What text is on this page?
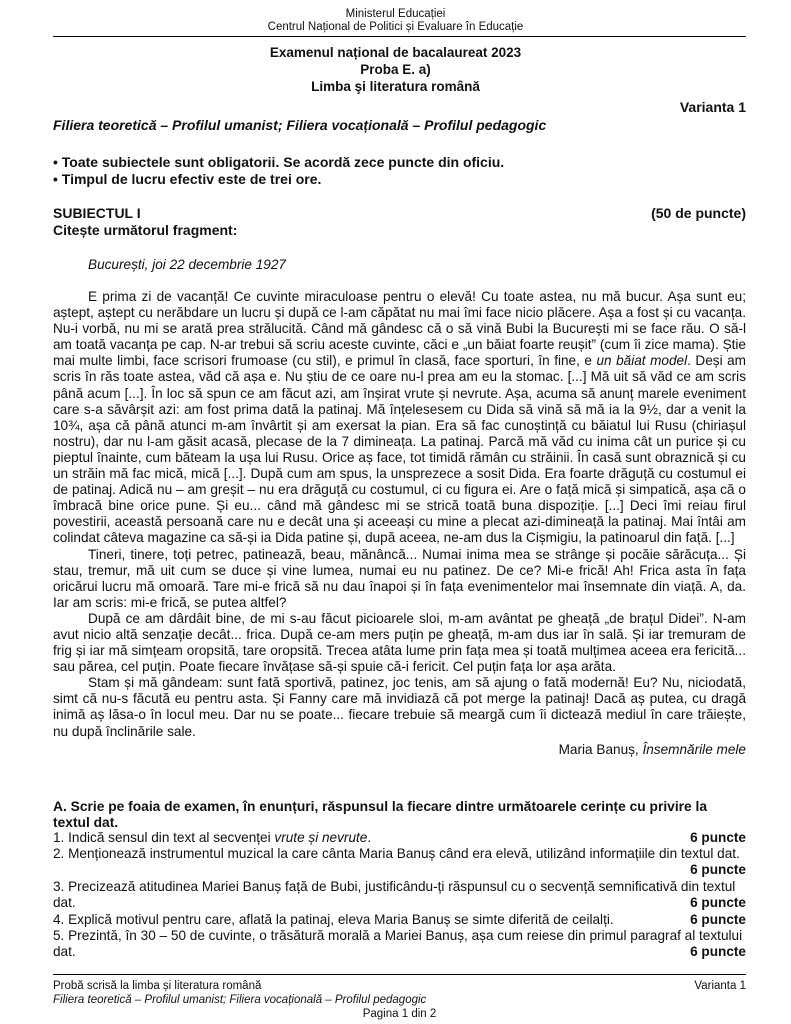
Ministerul Educației
Centrul Național de Politici și Evaluare în Educație
Examenul național de bacalaureat 2023
Proba E. a)
Limba şi literatura română
Varianta 1
Filiera teoretică – Profilul umanist; Filiera vocațională – Profilul pedagogic
• Toate subiectele sunt obligatorii. Se acordă zece puncte din oficiu.
• Timpul de lucru efectiv este de trei ore.
SUBIECTUL I	(50 de puncte)
Citește următorul fragment:
București, joi 22 decembrie 1927

E prima zi de vacanță! Ce cuvinte miraculoase pentru o elevă! Cu toate astea, nu mă bucur. Așa sunt eu; aștept, aștept cu nerăbdare un lucru și după ce l-am căpătat nu mai îmi face nicio plăcere. Așa a fost și cu vacanța. Nu-i vorbă, nu mi se arată prea strălucită. Când mă gândesc că o să vină Bubi la București mi se face rău. O să-l am toată vacanța pe cap. N-ar trebui să scriu aceste cuvinte, căci e „un băiat foarte reușit” (cum îi zice mama). Știe mai multe limbi, face scrisori frumoase (cu stil), e primul în clasă, face sporturi, în fine, e un băiat model. Deși am scris în răs toate astea, văd că așa e. Nu știu de ce oare nu-l prea am eu la stomac. [...] Mă uit să văd ce am scris până acum [...]. În loc să spun ce am făcut azi, am înșirat vrute și nevrute. Așa, acuma să anunț marele eveniment care s-a săvârșit azi: am fost prima dată la patinaj. Mă înțelesesem cu Dida să vină să mă ia la 9½, dar a venit la 10¾, așa că până atunci m-am învârtit și am exersat la pian. Era să fac cunoștință cu băiatul lui Rusu (chiriașul nostru), dar nu l-am găsit acasă, plecase de la 7 dimineața. La patinaj. Parcă mă văd cu inima cât un purice și cu pieptul înainte, cum băteam la ușa lui Rusu. Orice aș face, tot timidă rămân cu străinii. În casă sunt obraznică și cu un străin mă fac mică, mică [...]. După cum am spus, la unsprezece a sosit Dida. Era foarte drăguță cu costumul ei de patinaj. Adică nu – am greșit – nu era drăguță cu costumul, ci cu figura ei. Are o față mică și simpatică, așa că o îmbracă bine orice pune. Și eu... când mă gândesc mi se strică toată buna dispoziție. [...] Deci îmi reiau firul povestirii, această persoană care nu e decât una și aceeași cu mine a plecat azi-dimineață la patinaj. Mai întâi am colindat câteva magazine ca să-și ia Dida patine și, după aceea, ne-am dus la Cișmigiu, la patinoarul din față. [...]

Tineri, tinere, toți petrec, patinează, beau, mănâncă... Numai inima mea se strânge și pocăie sărăcuța... Și stau, tremur, mă uit cum se duce și vine lumea, numai eu nu patinez. De ce? Mi-e frică! Ah! Frica asta în fața oricărui lucru mă omoară. Tare mi-e frică să nu dau înapoi și în fața evenimentelor mai însemnate din viață. A, da. Iar am scris: mi-e frică, se putea altfel?

După ce am dârdâit bine, de mi s-au făcut picioarele sloi, m-am avântat pe gheață „de brațul Didei”. N-am avut nicio altă senzație decât... frica. După ce-am mers puțin pe gheață, m-am dus iar în sală. Și iar tremuram de frig și iar mă simțeam oropsită, tare oropsită. Trecea atâta lume prin fața mea și toată mulțimea aceea era fericită... sau părea, cel puțin. Poate fiecare învățase să-și spuie că-i fericit. Cel puțin fața lor așa arăta.

Stam și mă gândeam: sunt fată sportivă, patinez, joc tenis, am să ajung o fată modernă! Eu? Nu, niciodată, simt că nu-s făcută eu pentru asta. Și Fanny care mă invidiază că pot merge la patinaj! Dacă aș putea, cu dragă inimă aș lăsa-o în locul meu. Dar nu se poate... fiecare trebuie să meargă cum îi dictează mediul în care trăiește, nu după înclinările sale.

Maria Banuș, Însemnările mele
A. Scrie pe foaia de examen, în enunțuri, răspunsul la fiecare dintre următoarele cerințe cu privire la textul dat.
1. Indică sensul din text al secvenței vrute și nevrute.	6 puncte
2. Menționează instrumentul muzical la care cânta Maria Banuș când era elevă, utilizând informațiile din textul dat.
6 puncte
3. Precizează atitudinea Mariei Banuș față de Bubi, justificându-ți răspunsul cu o secvență semnificativă din textul dat.	6 puncte
4. Explică motivul pentru care, aflată la patinaj, eleva Maria Banuș se simte diferită de ceilalți.	6 puncte
5. Prezintă, în 30 – 50 de cuvinte, o trăsătură morală a Mariei Banuș, așa cum reiese din primul paragraf al textului dat.	6 puncte
Probă scrisă la limba și literatura română	Varianta 1
Filiera teoretică – Profilul umanist; Filiera vocațională – Profilul pedagogic
Pagina 1 din 2
